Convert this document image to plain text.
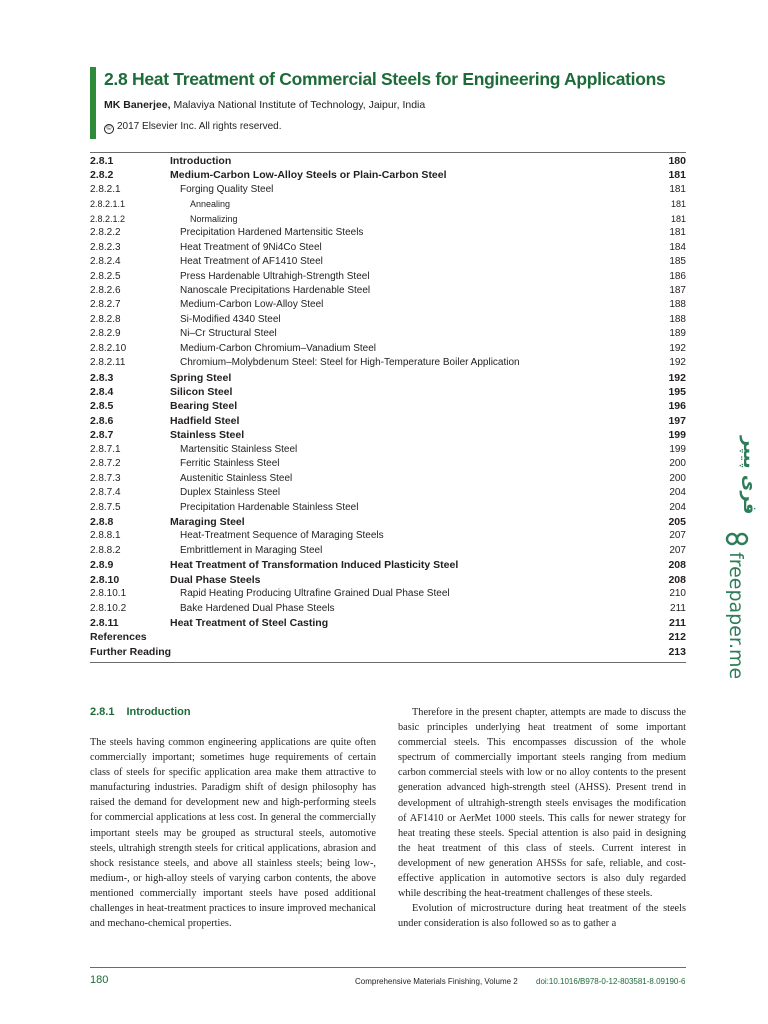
2.8 Heat Treatment of Commercial Steels for Engineering Applications
MK Banerjee, Malaviya National Institute of Technology, Jaipur, India
© 2017 Elsevier Inc. All rights reserved.
2.8.1	Introduction	180
2.8.2	Medium-Carbon Low-Alloy Steels or Plain-Carbon Steel	181
2.8.2.1	Forging Quality Steel	181
2.8.2.1.1	Annealing	181
2.8.2.1.2	Normalizing	181
2.8.2.2	Precipitation Hardened Martensitic Steels	181
2.8.2.3	Heat Treatment of 9Ni4Co Steel	184
2.8.2.4	Heat Treatment of AF1410 Steel	185
2.8.2.5	Press Hardenable Ultrahigh-Strength Steel	186
2.8.2.6	Nanoscale Precipitations Hardenable Steel	187
2.8.2.7	Medium-Carbon Low-Alloy Steel	188
2.8.2.8	Si-Modified 4340 Steel	188
2.8.2.9	Ni–Cr Structural Steel	189
2.8.2.10	Medium-Carbon Chromium–Vanadium Steel	192
2.8.2.11	Chromium–Molybdenum Steel: Steel for High-Temperature Boiler Application	192
2.8.3	Spring Steel	192
2.8.4	Silicon Steel	195
2.8.5	Bearing Steel	196
2.8.6	Hadfield Steel	197
2.8.7	Stainless Steel	199
2.8.7.1	Martensitic Stainless Steel	199
2.8.7.2	Ferritic Stainless Steel	200
2.8.7.3	Austenitic Stainless Steel	200
2.8.7.4	Duplex Stainless Steel	204
2.8.7.5	Precipitation Hardenable Stainless Steel	204
2.8.8	Maraging Steel	205
2.8.8.1	Heat-Treatment Sequence of Maraging Steels	207
2.8.8.2	Embrittlement in Maraging Steel	207
2.8.9	Heat Treatment of Transformation Induced Plasticity Steel	208
2.8.10	Dual Phase Steels	208
2.8.10.1	Rapid Heating Producing Ultrafine Grained Dual Phase Steel	210
2.8.10.2	Bake Hardened Dual Phase Steels	211
2.8.11	Heat Treatment of Steel Casting	211
References	212
Further Reading	213
2.8.1 Introduction

The steels having common engineering applications are quite often commercially important; sometimes huge requirements of certain class of steels for specific application area make them attractive to manufacturing industries. Paradigm shift of design philosophy has raised the demand for development new and high-performing steels for commercial applications at less cost. In general the commercially important steels may be grouped as structural steels, automotive steels, ultrahigh strength steels for critical applications, abrasion and shock resistance steels, and above all stainless steels; being low-, medium-, or high-alloy steels of varying carbon contents, the above mentioned commercially important steels have posed additional challenges in heat-treatment practices to insure improved mechanical and mechano-chemical properties.

Therefore in the present chapter, attempts are made to discuss the basic principles underlying heat treatment of some important commercial steels. This encompasses discussion of the whole spectrum of commercially important steels ranging from medium carbon commercial steels with low or no alloy contents to the present generation advanced high-strength steel (AHSS). Present trend in development of ultrahigh-strength steels envisages the modification of AF1410 or AerMet 1000 steels. This calls for newer strategy for heat treating these steels. Special attention is also paid in designing the heat treatment of this class of steels. Current interest in development of new generation AHSSs for safe, reliable, and cost-effective application in automotive sectors is also duly regarded while describing the heat-treatment challenges of these steels.

Evolution of microstructure during heat treatment of the steels under consideration is also followed so as to gather a

180	Comprehensive Materials Finishing, Volume 2 doi:10.1016/B978-0-12-803581-8.09190-6
فری پیپر
freepaper.me
